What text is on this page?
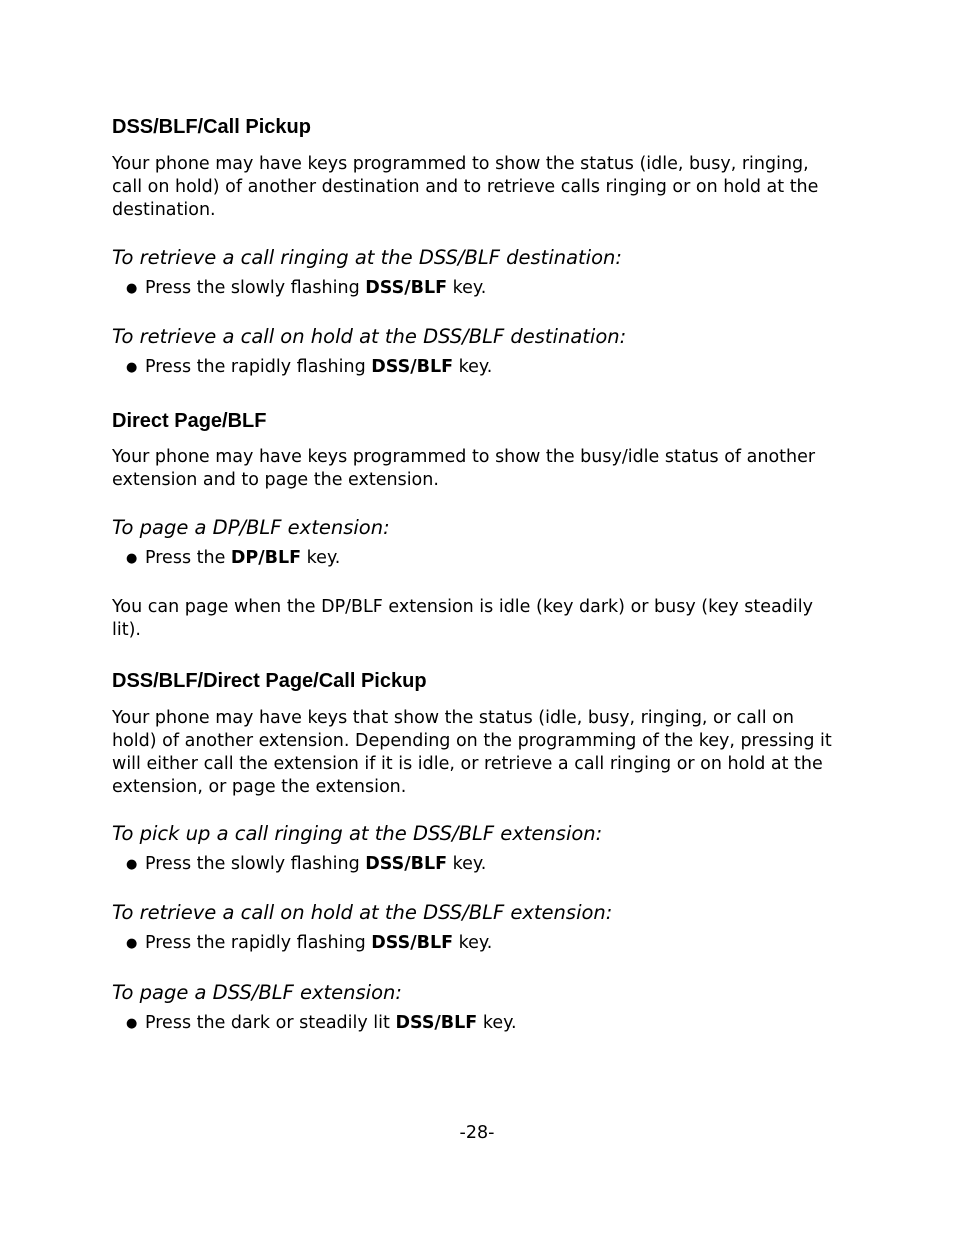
DSS/BLF/Call Pickup

Your phone may have keys programmed to show the status (idle, busy, ringing, call on hold) of another destination and to retrieve calls ringing or on hold at the destination.

To retrieve a call ringing at the DSS/BLF destination:

● Press the slowly flashing DSS/BLF key.

To retrieve a call on hold at the DSS/BLF destination:

● Press the rapidly flashing DSS/BLF key.
Direct Page/BLF

Your phone may have keys programmed to show the busy/idle status of another extension and to page the extension.

To page a DP/BLF extension:

● Press the DP/BLF key.

You can page when the DP/BLF extension is idle (key dark) or busy (key steadily lit).

DSS/BLF/Direct Page/Call Pickup

Your phone may have keys that show the status (idle, busy, ringing, or call on hold) of another extension. Depending on the programming of the key, pressing it will either call the extension if it is idle, or retrieve a call ringing or on hold at the extension, or page the extension.

To pick up a call ringing at the DSS/BLF extension:

● Press the slowly flashing DSS/BLF key.

To retrieve a call on hold at the DSS/BLF extension:

● Press the rapidly flashing DSS/BLF key.

To page a DSS/BLF extension:

● Press the dark or steadily lit DSS/BLF key.
-28-
